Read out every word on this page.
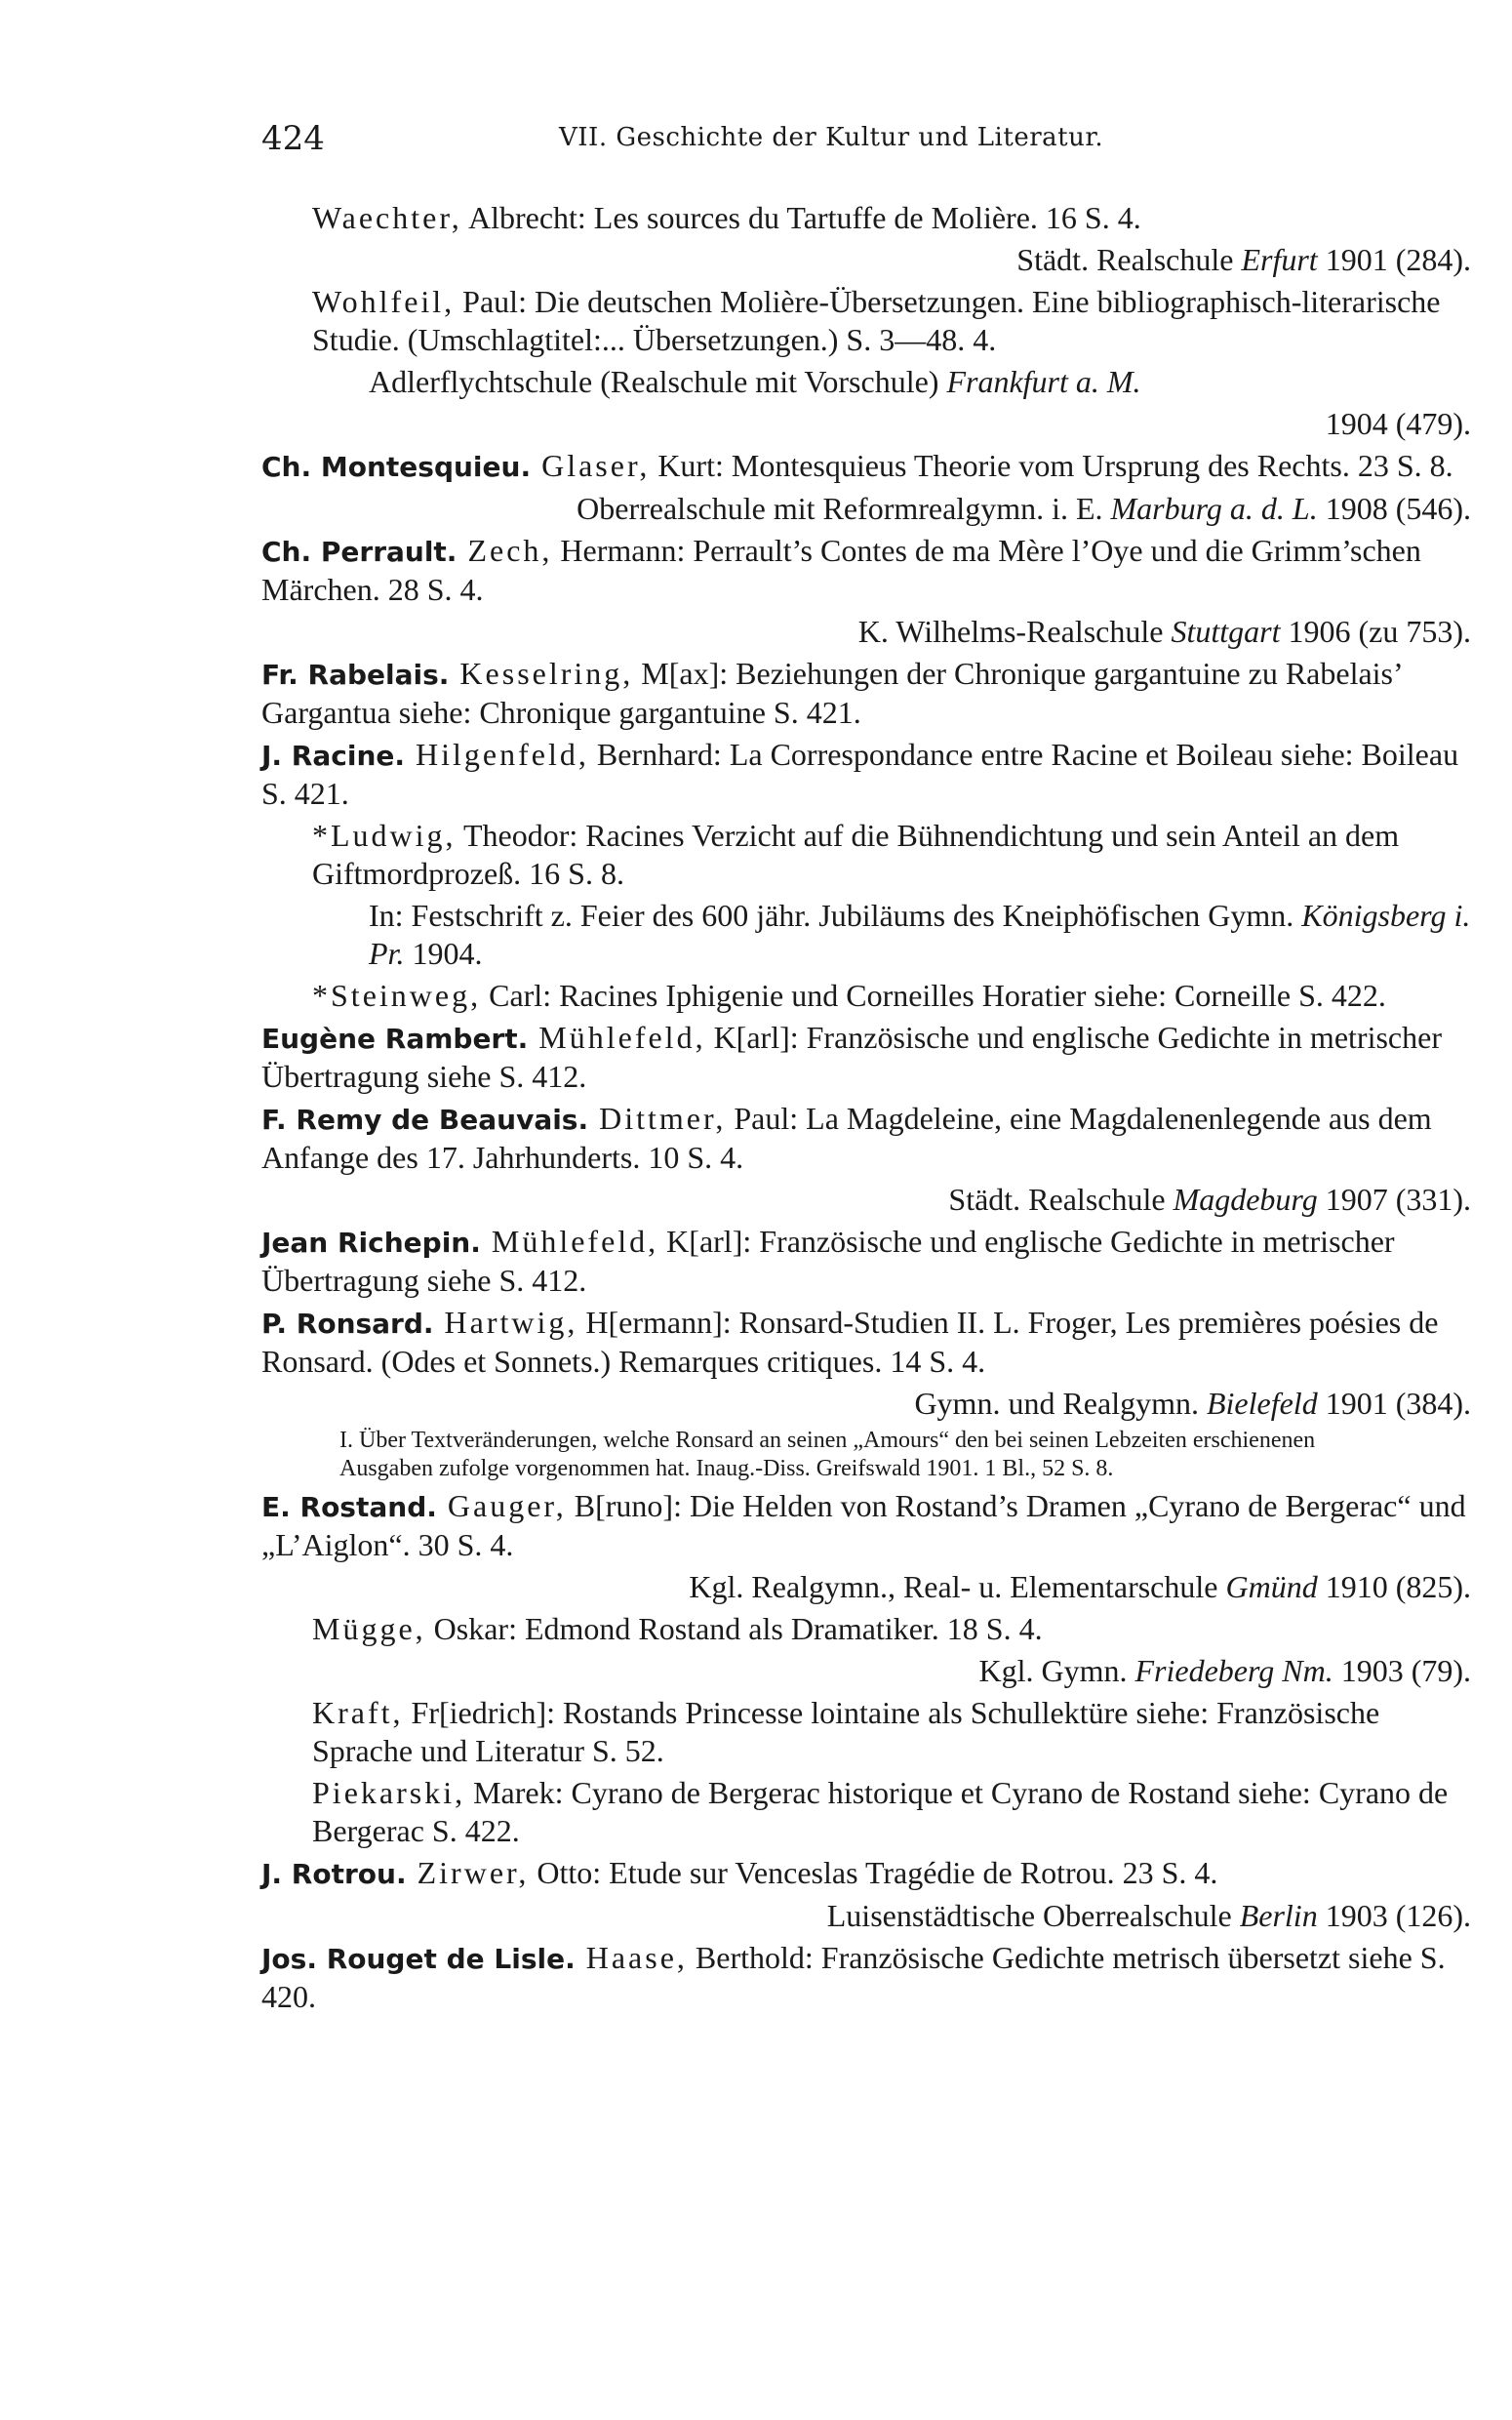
424	VII. Geschichte der Kultur und Literatur.

Waechter, Albrecht: Les sources du Tartuffe de Molière. 16 S. 4.

Städt. Realschule Erfurt 1901 (284).

Wohlfeil, Paul: Die deutschen Molière-Übersetzungen. Eine bibliographisch-literarische Studie. (Umschlagtitel:... Übersetzungen.) S. 3—48. 4.

Adlerflychtschule (Realschule mit Vorschule) Frankfurt a. M.

1904 (479).

Ch. Montesquieu. Glaser, Kurt: Montesquieus Theorie vom Ursprung des Rechts. 23 S. 8.

Oberrealschule mit Reformrealgymn. i. E. Marburg a. d. L. 1908 (546).

Ch. Perrault. Zech, Hermann: Perrault’s Contes de ma Mère l’Oye und die Grimm’schen Märchen. 28 S. 4.

K. Wilhelms-Realschule Stuttgart 1906 (zu 753).

Fr. Rabelais. Kesselring, M[ax]: Beziehungen der Chronique gargantuine zu Rabelais’ Gargantua siehe: Chronique gargantuine S. 421.

J. Racine. Hilgenfeld, Bernhard: La Correspondance entre Racine et Boileau siehe: Boileau S. 421.

*Ludwig, Theodor: Racines Verzicht auf die Bühnendichtung und sein Anteil an dem Giftmordprozeß. 16 S. 8.

In: Festschrift z. Feier des 600 jähr. Jubiläums des Kneiphöfischen Gymn. Königsberg i. Pr. 1904.

*Steinweg, Carl: Racines Iphigenie und Corneilles Horatier siehe: Corneille S. 422.

Eugène Rambert. Mühlefeld, K[arl]: Französische und englische Gedichte in metrischer Übertragung siehe S. 412.

F. Remy de Beauvais. Dittmer, Paul: La Magdeleine, eine Magdalenenlegende aus dem Anfange des 17. Jahrhunderts. 10 S. 4.

Städt. Realschule Magdeburg 1907 (331).

Jean Richepin. Mühlefeld, K[arl]: Französische und englische Gedichte in metrischer Übertragung siehe S. 412.

P. Ronsard. Hartwig, H[ermann]: Ronsard-Studien II. L. Froger, Les premières poésies de Ronsard. (Odes et Sonnets.) Remarques critiques. 14 S. 4.

Gymn. und Realgymn. Bielefeld 1901 (384).

I. Über Textveränderungen, welche Ronsard an seinen „Amours“ den bei seinen Lebzeiten erschienenen Ausgaben zufolge vorgenommen hat. Inaug.-Diss. Greifswald 1901. 1 Bl., 52 S. 8.

E. Rostand. Gauger, B[runo]: Die Helden von Rostand’s Dramen „Cyrano de Bergerac“ und „L’Aiglon“. 30 S. 4.

Kgl. Realgymn., Real- u. Elementarschule Gmünd 1910 (825).

Mügge, Oskar: Edmond Rostand als Dramatiker. 18 S. 4.

Kgl. Gymn. Friedeberg Nm. 1903 (79).

Kraft, Fr[iedrich]: Rostands Princesse lointaine als Schullektüre siehe: Französische Sprache und Literatur S. 52.

Piekarski, Marek: Cyrano de Bergerac historique et Cyrano de Rostand siehe: Cyrano de Bergerac S. 422.

J. Rotrou. Zirwer, Otto: Etude sur Venceslas Tragédie de Rotrou. 23 S. 4.

Luisenstädtische Oberrealschule Berlin 1903 (126).

Jos. Rouget de Lisle. Haase, Berthold: Französische Gedichte metrisch übersetzt siehe S. 420.
